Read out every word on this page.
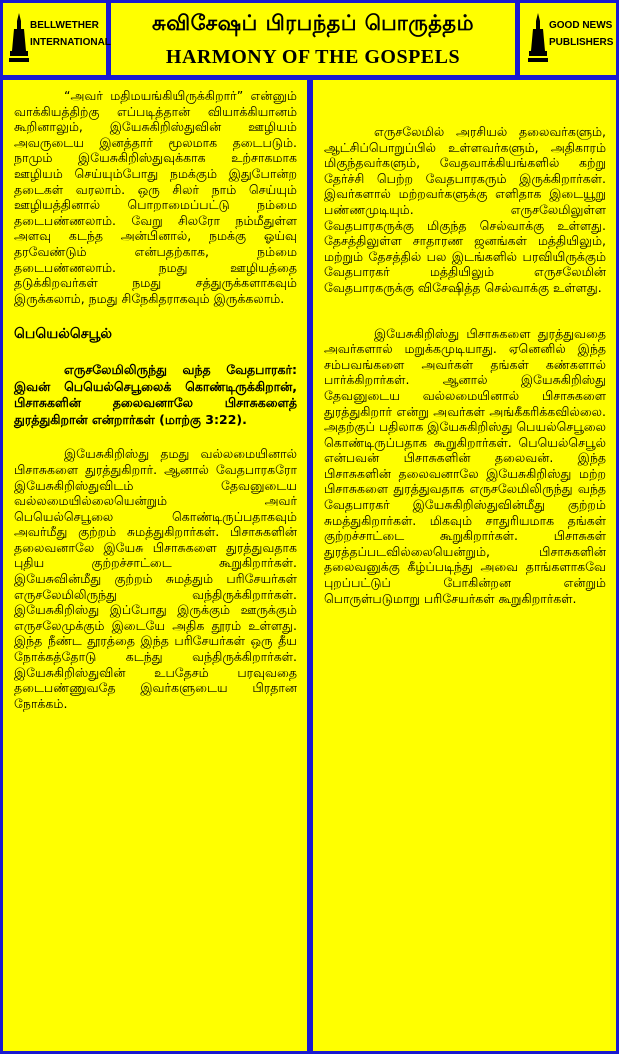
BELLWETHER
INTERNATIONAL
சுவிசேஷப் பிரபந்தப் பொருத்தம்
HARMONY OF THE GOSPELS
GOOD NEWS
PUBLISHERS

“அவர் மதிமயங்கியிருக்கிறார்” என்னும் வாக்கியத்திற்கு எப்படித்தான் வியாக்கியானம் கூறினாலும், இயேசுகிறிஸ்துவின் ஊழியம் அவருடைய இனத்தார் மூலமாக தடைபடும். நாமும் இயேசுகிறிஸ்துவுக்காக உற்சாகமாக ஊழியம் செய்யும்போது நமக்கும் இதுபோன்ற தடைகள் வரலாம். ஒரு சிலர் நாம் செய்யும் ஊழியத்தினால் பொறாமைப்பட்டு நம்மை தடைபண்ணலாம். வேறு சிலரோ நம்மீதுள்ள அளவு கடந்த அன்பினால், நமக்கு ஓய்வு தரவேண்டும் என்பதற்காக, நம்மை தடைபண்ணலாம். நமது ஊழியத்தை தடுக்கிறவர்கள் நமது சத்துருக்களாகவும் இருக்கலாம், நமது சிநேகிதராகவும் இருக்கலாம்.

பெயெல்செபூல்

எருசலேமிலிருந்து வந்த வேதபாரகர்: இவன் பெயெல்செபூலைக் கொண்டிருக்கிறான், பிசாசுகளின் தலைவனாலே பிசாசுகளைத் துரத்துகிறான் என்றார்கள் (மாற்கு 3:22).

இயேசுகிறிஸ்து தமது வல்லமையினால் பிசாசுகளை துரத்துகிறார். ஆனால் வேதபாரகரோ இயேசுகிறிஸ்துவிடம் தேவனுடைய வல்லமையில்லையென்றும் அவர் பெயெல்செபூலை கொண்டிருப்பதாகவும் அவர்மீது குற்றம் சுமத்துகிறார்கள். பிசாசுகளின் தலைவனாலே இயேசு பிசாசுகளை துரத்துவதாக புதிய குற்றச்சாட்டை கூறுகிறார்கள். இயேசுவின்மீது குற்றம் சுமத்தும் பரிசேயர்கள் எருசலேமிலிருந்து வந்திருக்கிறார்கள். இயேசுகிறிஸ்து இப்போது இருக்கும் ஊருக்கும் எருசலேமுக்கும் இடையே அதிக தூரம் உள்ளது. இந்த நீண்ட தூரத்தை இந்த பரிசேயர்கள் ஒரு தீய நோக்கத்தோடு கடந்து வந்திருக்கிறார்கள். இயேசுகிறிஸ்துவின் உபதேசம் பரவுவதை தடைபண்ணுவதே இவர்களுடைய பிரதான நோக்கம்.

எருசலேமில் அரசியல் தலைவர்களும், ஆட்சிப்பொறுப்பில் உள்ளவர்களும், அதிகாரம் மிகுந்தவர்களும், வேதவாக்கியங்களில் கற்று தேர்ச்சி பெற்ற வேதபாரகரும் இருக்கிறார்கள். இவர்களால் மற்றவர்களுக்கு எளிதாக இடையூறு பண்ணமுடியும். எருசலேமிலுள்ள வேதபாரகருக்கு மிகுந்த செல்வாக்கு உள்ளது. தேசத்திலுள்ள சாதாரண ஜனங்கள் மத்தியிலும், மற்றும் தேசத்தில் பல இடங்களில் பரவியிருக்கும் வேதபாரகர் மத்தியிலும் எருசலேமின் வேதபாரகருக்கு விசேஷித்த செல்வாக்கு உள்ளது.

இயேசுகிறிஸ்து பிசாசுகளை துரத்துவதை அவர்களால் மறுக்கமுடியாது. ஏனெனில் இந்த சம்பவங்களை அவர்கள் தங்கள் கண்களால் பார்க்கிறார்கள். ஆனால் இயேசுகிறிஸ்து தேவனுடைய வல்லமையினால் பிசாசுகளை துரத்துகிறார் என்று அவர்கள் அங்கீகரிக்கவில்லை. அதற்குப் பதிலாக இயேசுகிறிஸ்து பெயல்செபூலை கொண்டிருப்பதாக கூறுகிறார்கள். பெயெல்செபூல் என்பவன் பிசாசுகளின் தலைவன். இந்த பிசாசுகளின் தலைவனாலே இயேசுகிறிஸ்து மற்ற பிசாசுகளை துரத்துவதாக எருசலேமிலிருந்து வந்த வேதபாரகர் இயேசுகிறிஸ்துவின்மீது குற்றம் சுமத்துகிறார்கள். மிகவும் சாதுரியமாக தங்கள் குற்றச்சாட்டை கூறுகிறார்கள். பிசாசுகள் துரத்தப்படவில்லையென்றும், பிசாசுகளின் தலைவனுக்கு கீழ்ப்படிந்து அவை தாங்களாகவே புறப்பட்டுப் போகின்றன என்றும் பொருள்படுமாறு பரிசேயர்கள் கூறுகிறார்கள்.
